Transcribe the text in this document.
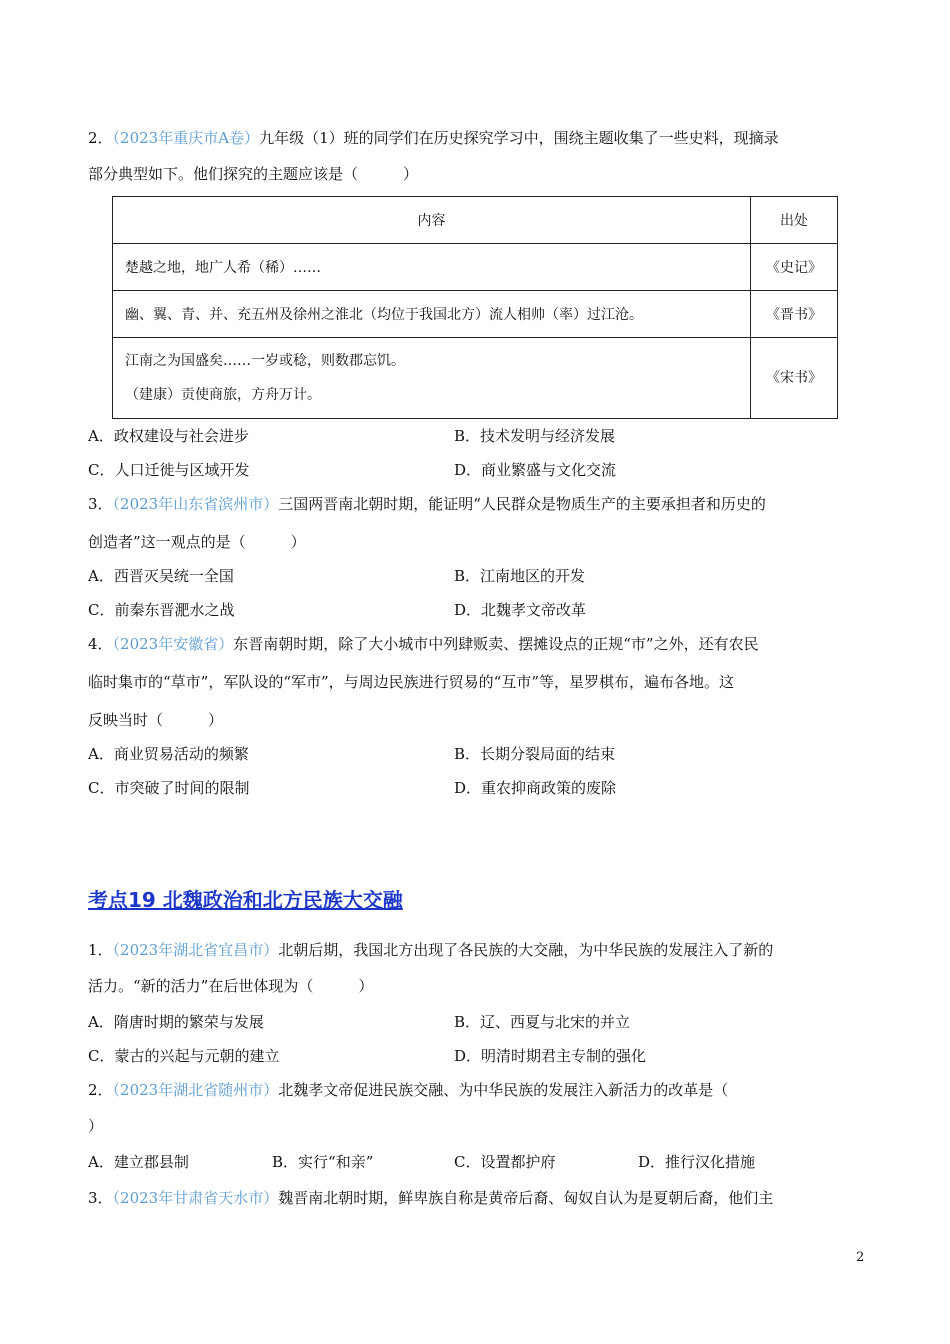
2．（2023年重庆市A卷）九年级（1）班的同学们在历史探究学习中，围绕主题收集了一些史料，现摘录
部分典型如下。他们探究的主题应该是（　　　）
内容	出处
楚越之地，地广人希（稀）……	《史记》
幽、翼、青、并、充五州及徐州之淮北（均位于我国北方）流人相帅（率）过江沧。	《晋书》

江南之为国盛矣……一岁或稔，则数郡忘饥。
（建康）贡使商旅，方舟万计。	《宋书》
A．政权建设与社会进步	B．技术发明与经济发展
C．人口迁徙与区域开发	D．商业繁盛与文化交流
3．（2023年山东省滨州市）三国两晋南北朝时期，能证明“人民群众是物质生产的主要承担者和历史的
创造者”这一观点的是（　　　）
A．西晋灭吴统一全国	B．江南地区的开发
C．前秦东晋淝水之战	D．北魏孝文帝改革
4．（2023年安徽省）东晋南朝时期，除了大小城市中列肆贩卖、摆摊设点的正规“市”之外，还有农民
临时集市的“草市”，军队设的“军市”，与周边民族进行贸易的“互市”等，星罗棋布，遍布各地。这
反映当时（　　　）
A．商业贸易活动的频繁	B．长期分裂局面的结束
C．市突破了时间的限制	D．重农抑商政策的废除
考点19 北魏政治和北方民族大交融
1．（2023年湖北省宜昌市）北朝后期，我国北方出现了各民族的大交融，为中华民族的发展注入了新的
活力。“新的活力”在后世体现为（　　　）
A．隋唐时期的繁荣与发展	B．辽、西夏与北宋的并立
C．蒙古的兴起与元朝的建立	D．明清时期君主专制的强化
2．（2023年湖北省随州市）北魏孝文帝促进民族交融、为中华民族的发展注入新活力的改革是（
）
A．建立郡县制	B．实行“和亲”	C．设置都护府	D．推行汉化措施
3．（2023年甘肃省天水市）魏晋南北朝时期，鲜卑族自称是黄帝后裔、匈奴自认为是夏朝后裔，他们主
2
